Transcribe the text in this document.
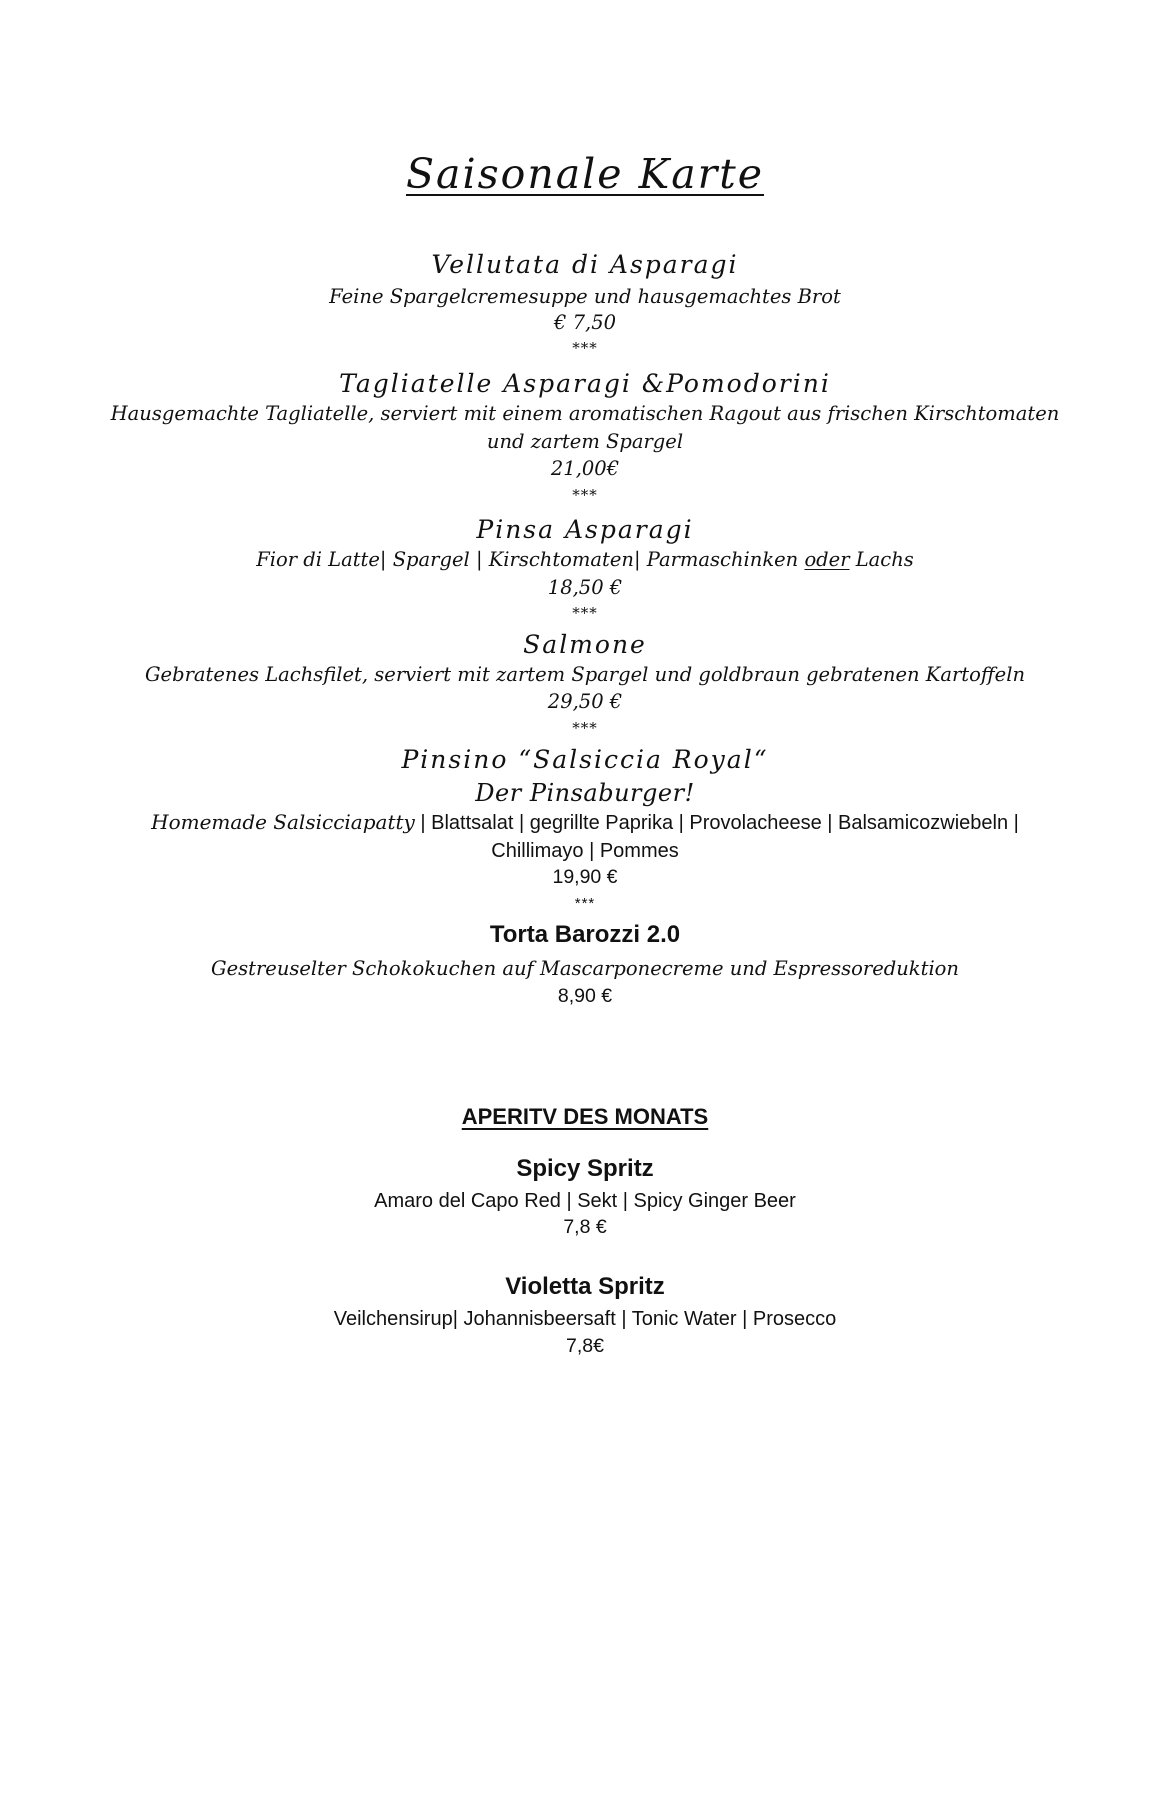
Saisonale Karte
Vellutata di Asparagi
Feine Spargelcremesuppe und hausgemachtes Brot
€ 7,50
***
Tagliatelle Asparagi &Pomodorini
Hausgemachte Tagliatelle, serviert mit einem aromatischen Ragout aus frischen Kirschtomaten
und zartem Spargel
21,00€
***
Pinsa Asparagi
Fior di Latte| Spargel | Kirschtomaten| Parmaschinken oder Lachs
18,50 €
***
Salmone
Gebratenes Lachsfilet, serviert mit zartem Spargel und goldbraun gebratenen Kartoffeln
29,50 €
***
Pinsino “Salsiccia Royal“
Der Pinsaburger!
Homemade Salsicciapatty | Blattsalat | gegrillte Paprika | Provolacheese | Balsamicozwiebeln |
Chillimayo | Pommes
19,90 €
***
Torta Barozzi 2.0
Gestreuselter Schokokuchen auf Mascarponecreme und Espressoreduktion
8,90 €
APERITV DES MONATS
Spicy Spritz
Amaro del Capo Red | Sekt | Spicy Ginger Beer
7,8 €
Violetta Spritz
Veilchensirup| Johannisbeersaft | Tonic Water | Prosecco
7,8€
